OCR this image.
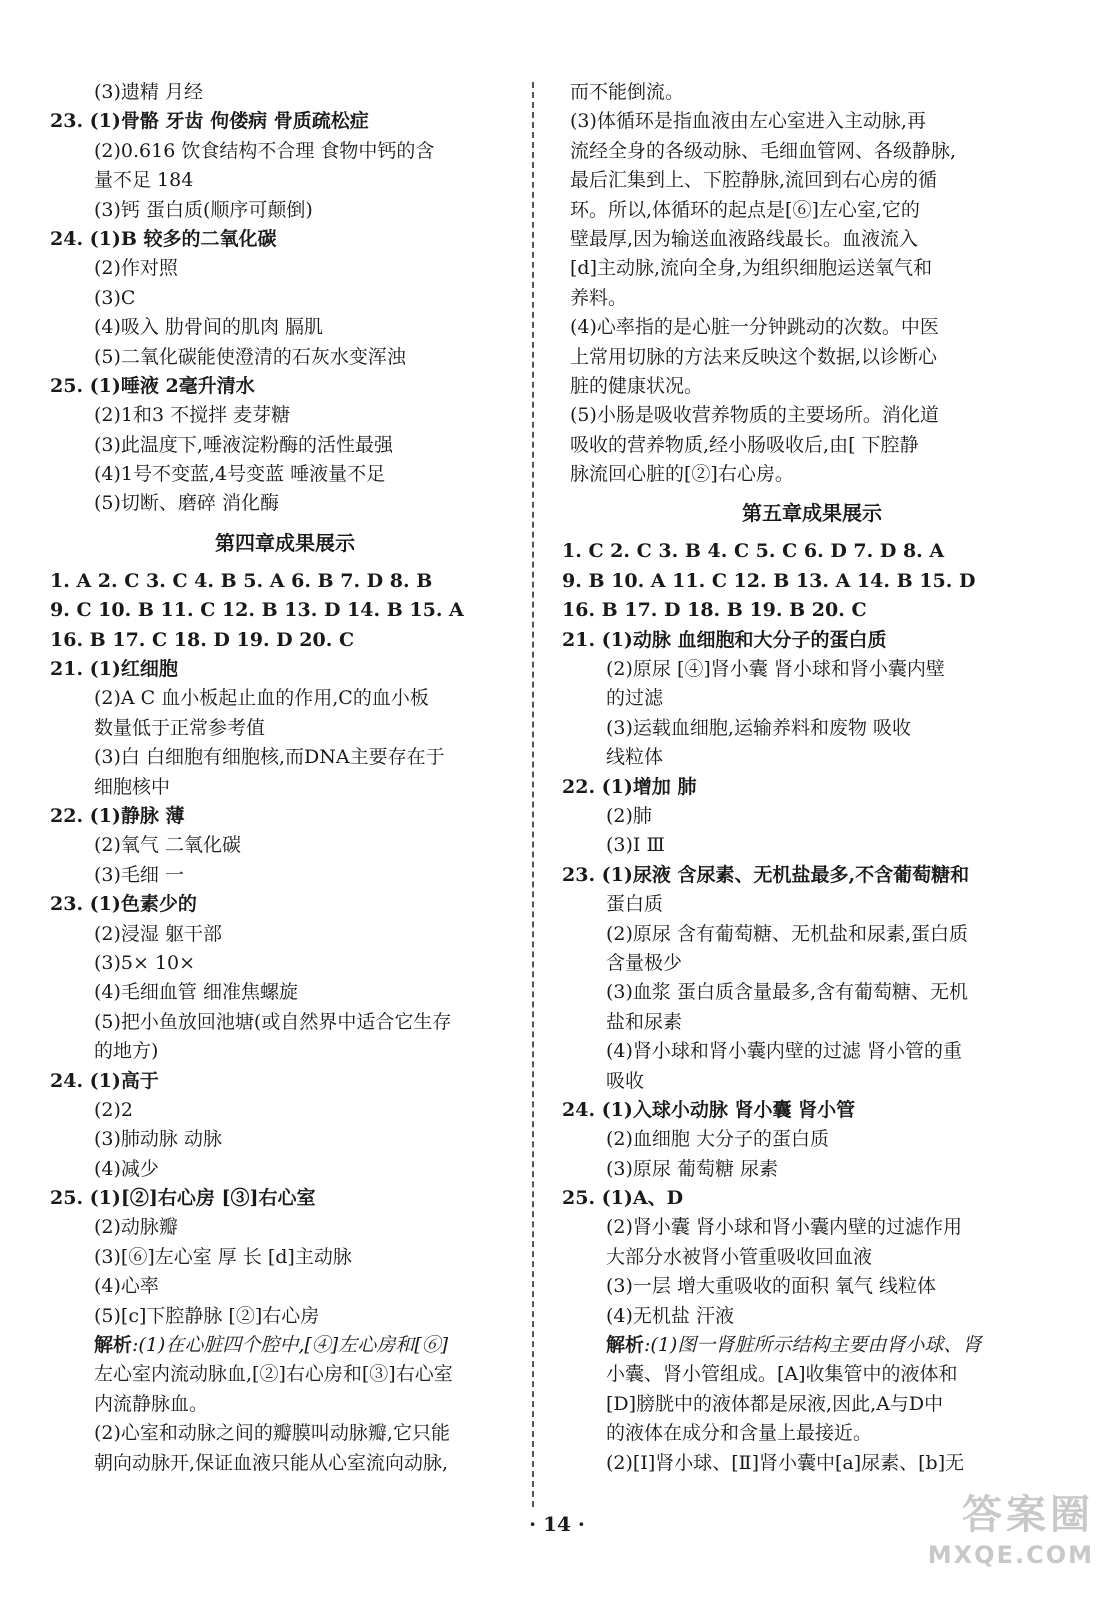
(3)遗精 月经
23. (1)骨骼 牙齿 佝偻病 骨质疏松症
(2)0.616 饮食结构不合理 食物中钙的含
量不足 184
(3)钙 蛋白质(顺序可颠倒)
24. (1)B 较多的二氧化碳
(2)作对照
(3)C
(4)吸入 肋骨间的肌肉 膈肌
(5)二氧化碳能使澄清的石灰水变浑浊
25. (1)唾液 2毫升清水
(2)1和3 不搅拌 麦芽糖
(3)此温度下,唾液淀粉酶的活性最强
(4)1号不变蓝,4号变蓝 唾液量不足
(5)切断、磨碎 消化酶
第四章成果展示
1. A 2. C 3. C 4. B 5. A 6. B 7. D 8. B
9. C 10. B 11. C 12. B 13. D 14. B 15. A
16. B 17. C 18. D 19. D 20. C
21. (1)红细胞
(2)A C 血小板起止血的作用,C的血小板
数量低于正常参考值
(3)白 白细胞有细胞核,而DNA主要存在于
细胞核中
22. (1)静脉 薄
(2)氧气 二氧化碳
(3)毛细 一
23. (1)色素少的
(2)浸湿 躯干部
(3)5× 10×
(4)毛细血管 细准焦螺旋
(5)把小鱼放回池塘(或自然界中适合它生存
的地方)
24. (1)高于
(2)2
(3)肺动脉 动脉
(4)减少
25. (1)[②]右心房 [③]右心室
(2)动脉瓣
(3)[⑥]左心室 厚 长 [d]主动脉
(4)心率
(5)[c]下腔静脉 [②]右心房
解析:(1)在心脏四个腔中,[④]左心房和[⑥]
左心室内流动脉血,[②]右心房和[③]右心室
内流静脉血。
(2)心室和动脉之间的瓣膜叫动脉瓣,它只能
朝向动脉开,保证血液只能从心室流向动脉,
而不能倒流。
(3)体循环是指血液由左心室进入主动脉,再
流经全身的各级动脉、毛细血管网、各级静脉,
最后汇集到上、下腔静脉,流回到右心房的循
环。所以,体循环的起点是[⑥]左心室,它的
壁最厚,因为输送血液路线最长。血液流入
[d]主动脉,流向全身,为组织细胞运送氧气和
养料。
(4)心率指的是心脏一分钟跳动的次数。中医
上常用切脉的方法来反映这个数据,以诊断心
脏的健康状况。
(5)小肠是吸收营养物质的主要场所。消化道
吸收的营养物质,经小肠吸收后,由[ 下腔静
脉流回心脏的[②]右心房。
第五章成果展示
1. C 2. C 3. B 4. C 5. C 6. D 7. D 8. A
9. B 10. A 11. C 12. B 13. A 14. B 15. D
16. B 17. D 18. B 19. B 20. C
21. (1)动脉 血细胞和大分子的蛋白质
(2)原尿 [④]肾小囊 肾小球和肾小囊内壁
的过滤
(3)运载血细胞,运输养料和废物 吸收
线粒体
22. (1)增加 肺
(2)肺
(3)Ⅰ Ⅲ
23. (1)尿液 含尿素、无机盐最多,不含葡萄糖和
蛋白质
(2)原尿 含有葡萄糖、无机盐和尿素,蛋白质
含量极少
(3)血浆 蛋白质含量最多,含有葡萄糖、无机
盐和尿素
(4)肾小球和肾小囊内壁的过滤 肾小管的重
吸收
24. (1)入球小动脉 肾小囊 肾小管
(2)血细胞 大分子的蛋白质
(3)原尿 葡萄糖 尿素
25. (1)A、D
(2)肾小囊 肾小球和肾小囊内壁的过滤作用
大部分水被肾小管重吸收回血液
(3)一层 增大重吸收的面积 氧气 线粒体
(4)无机盐 汗液
解析:(1)图一肾脏所示结构主要由肾小球、肾
小囊、肾小管组成。[A]收集管中的液体和
[D]膀胱中的液体都是尿液,因此,A与D中
的液体在成分和含量上最接近。
(2)[Ⅰ]肾小球、[Ⅱ]肾小囊中[a]尿素、[b]无
· 14 ·	答案圈
MXQE.COM
